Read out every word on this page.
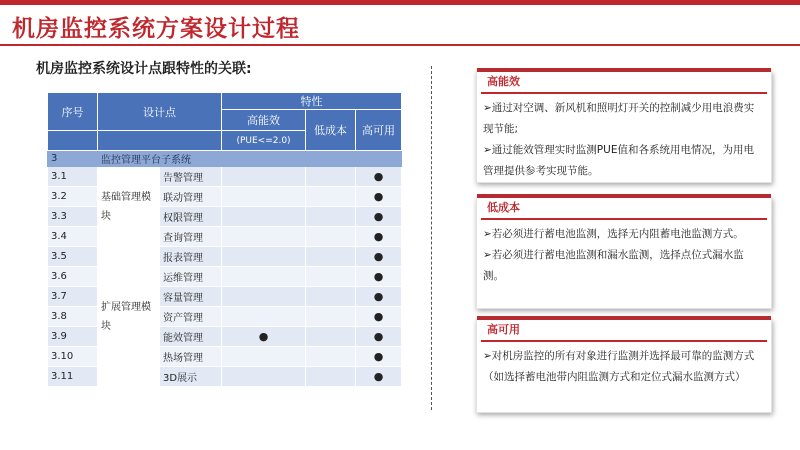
机房监控系统方案设计过程
机房监控系统设计点跟特性的关联:
序号	设计点		特性		
			高能效	低成本	高可用
			(PUE<=2.0)		
3	监控管理平台子系统				
3.1	基础管理模块	告警管理			●
3.2		联动管理			●
3.3		权限管理			●
3.4		查询管理			●
3.5	扩展管理模块	报表管理			●
3.6		运维管理			●
3.7		容量管理			●
3.8		资产管理			●
3.9		能效管理	●		●
3.10		热场管理			●
3.11		3D展示			●
高能效
➢通过对空调、新风机和照明灯开关的控制减少用电浪费实现节能;
➢通过能效管理实时监测PUE值和各系统用电情况，为用电管理提供参考实现节能。
低成本
➢若必须进行蓄电池监测，选择无内阻蓄电池监测方式。
➢若必须进行蓄电池监测和漏水监测，选择点位式漏水监测。
高可用
➢对机房监控的所有对象进行监测并选择最可靠的监测方式（如选择蓄电池带内阻监测方式和定位式漏水监测方式）
